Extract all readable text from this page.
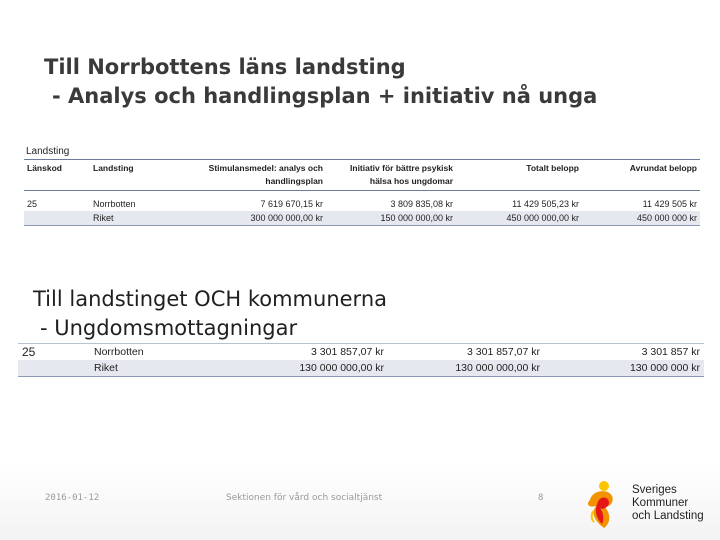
Till Norrbottens läns landsting

- Analys och handlingsplan + initiativ nå unga

Landsting
Länskod	Landsting	Stimulansmedel: analys och handlingsplan	Initiativ för bättre psykisk hälsa hos ungdomar	Totalt belopp	Avrundat belopp

25	Norrbotten	7 619 670,15 kr	3 809 835,08 kr	11 429 505,23 kr	11 429 505 kr
	Riket	300 000 000,00 kr	150 000 000,00 kr	450 000 000,00 kr	450 000 000 kr

Till landstinget OCH kommunerna

- Ungdomsmottagningar

25	Norrbotten	3 301 857,07 kr	3 301 857,07 kr	3 301 857 kr
	Riket	130 000 000,00 kr	130 000 000,00 kr	130 000 000 kr
2016-01-12	Sektionen för vård och socialtjänst	8
Sveriges
Kommuner
och Landsting
